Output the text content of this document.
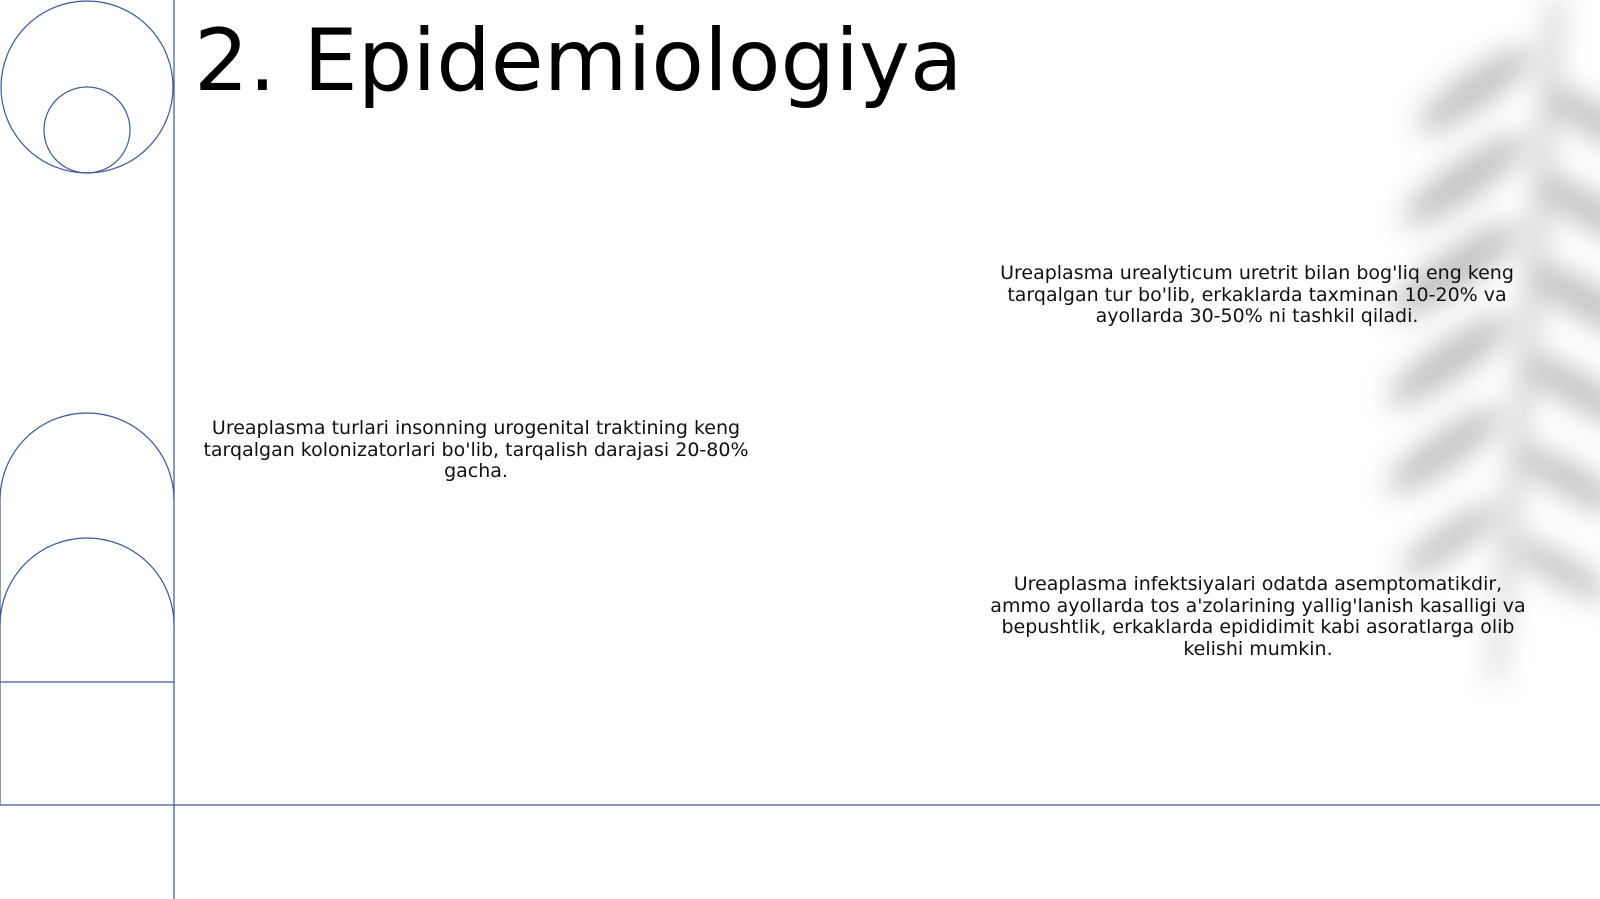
2. Epidemiologiya

Ureaplasma turlari insonning urogenital traktining keng tarqalgan kolonizatorlari bo'lib, tarqalish darajasi 20-80% gacha.

Ureaplasma urealyticum uretrit bilan bog'liq eng keng tarqalgan tur bo'lib, erkaklarda taxminan 10-20% va ayollarda 30-50% ni tashkil qiladi.

Ureaplasma infektsiyalari odatda asemptomatikdir, ammo ayollarda tos a'zolarining yallig'lanish kasalligi va bepushtlik, erkaklarda epididimit kabi asoratlarga olib kelishi mumkin.
